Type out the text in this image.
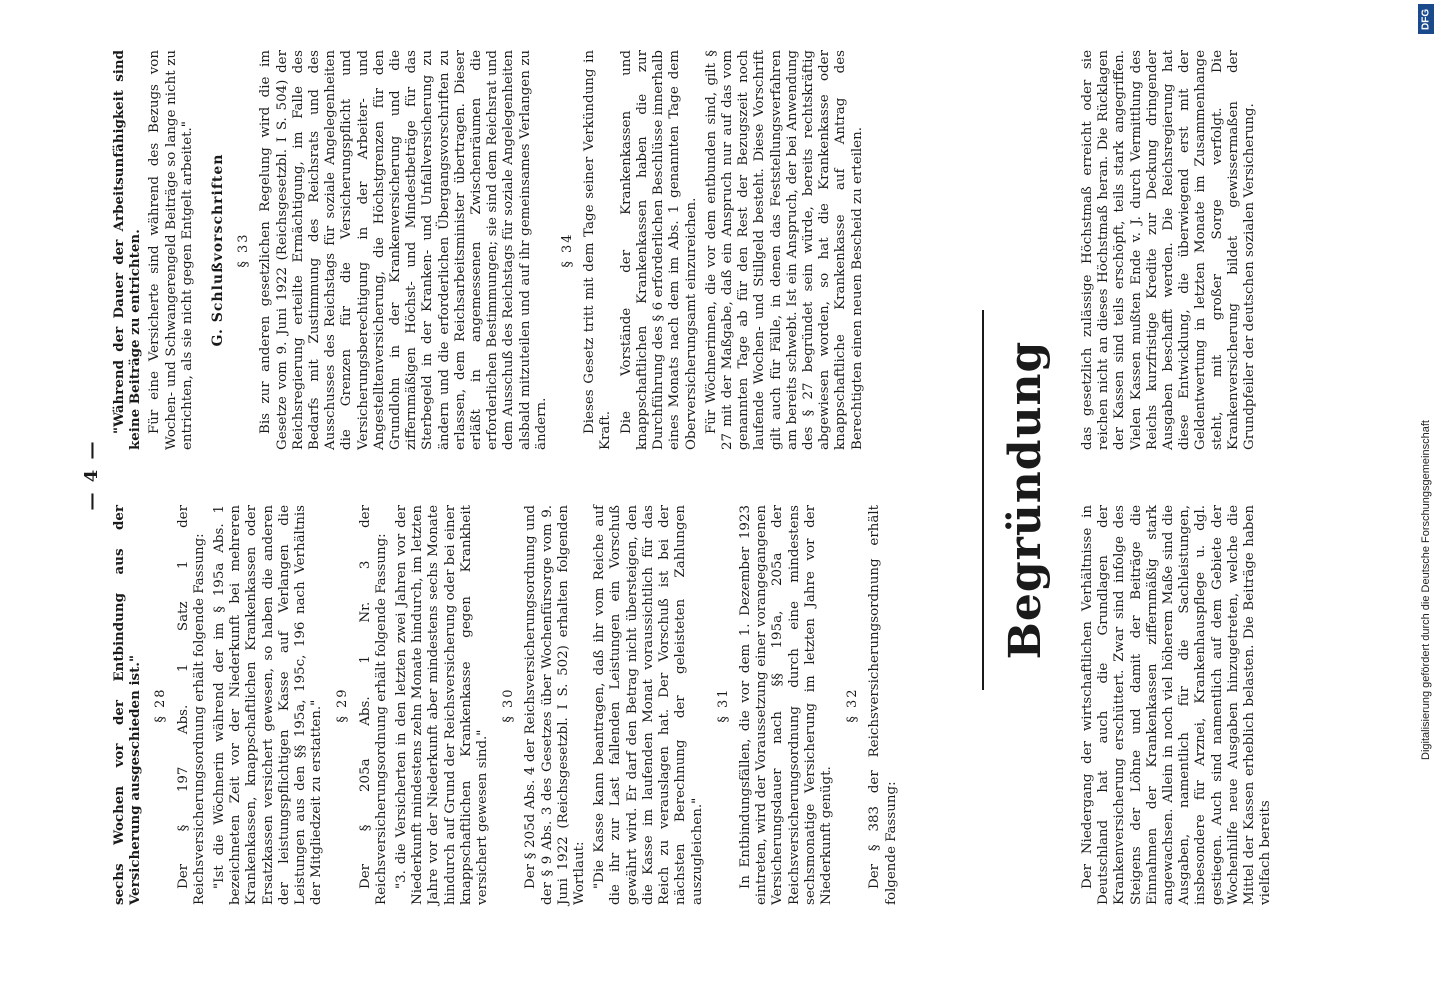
— 4 —

sechs Wochen vor der Entbindung aus der Versicherung ausgeschieden ist." § 28 Der § 197 Abs. 1 Satz 1 der Reichsversicherungsordnung erhält folgende Fassung: "Ist die Wöchnerin während der im § 195a Abs. 1 bezeichneten Zeit vor der Niederkunft bei mehreren Krankenkassen, knappschaftlichen Krankenkassen oder Ersatzkassen versichert gewesen, so haben die anderen der leistungspflichtigen Kasse auf Verlangen die Leistungen aus den §§ 195a, 195c, 196 nach Verhältnis der Mitgliedzeit zu erstatten." § 29 Der § 205a Abs. 1 Nr. 3 der Reichsversicherungsordnung erhält folgende Fassung: "3. die Versicherten in den letzten zwei Jahren vor der Niederkunft mindestens zehn Monate hindurch, im letzten Jahre vor der Niederkunft aber mindestens sechs Monate hindurch auf Grund der Reichsversicherung oder bei einer knappschaftlichen Krankenkasse gegen Krankheit versichert gewesen sind."

§ 30 Der § 205d Abs. 4 der Reichsversicherungsordnung und der § 9 Abs. 3 des Gesetzes über Wochenfürsorge vom 9. Juni 1922 (Reichsgesetzbl. I S. 502) erhalten folgenden Wortlaut: "Die Kasse kann beantragen, daß ihr vom Reiche auf die ihr zur Last fallenden Leistungen ein Vorschuß gewährt wird. Er darf den Betrag nicht übersteigen, den die Kasse im laufenden Monat voraussichtlich für das Reich zu verauslagen hat. Der Vorschuß ist bei der nächsten Berechnung der geleisteten Zahlungen auszugleichen."

§ 31 In Entbindungsfällen, die vor dem 1. Dezember 1923 eintreten, wird der Voraussetzung einer vorangegangenen Versicherungsdauer nach §§ 195a, 205a der Reichsversicherungsordnung durch eine mindestens sechsmonatige Versicherung im letzten Jahre vor der Niederkunft genügt.

§ 32 Der § 383 der Reichsversicherungsordnung erhält folgende Fassung:

"Während der Dauer der Arbeitsunfähigkeit sind keine Beiträge zu entrichten. Für eine Versicherte sind während des Bezugs von Wochen- und Schwangerengeld Beiträge so lange nicht zu entrichten, als sie nicht gegen Entgelt arbeitet." G. Schlußvorschriften § 33 Bis zur anderen gesetzlichen Regelung wird die im Gesetze vom 9. Juni 1922 (Reichsgesetzbl. I S. 504) der Reichsregierung erteilte Ermächtigung, im Falle des Bedarfs mit Zustimmung des Reichsrats und des Ausschusses des Reichstags für soziale Angelegenheiten die Grenzen für die Versicherungspflicht und Versicherungsberechtigung in der Arbeiter- und Angestelltenversicherung, die Höchstgrenzen für den Grundlohn in der Krankenversicherung und die ziffernmäßigen Höchst- und Mindestbeträge für das Sterbegeld in der Kranken- und Unfallversicherung zu ändern und die erforderlichen Übergangsvorschriften zu erlassen, dem Reichsarbeitsminister übertragen. Dieser erläßt in angemessenen Zwischenräumen die erforderlichen Bestimmungen; sie sind dem Reichsrat und dem Ausschuß des Reichstags für soziale Angelegenheiten alsbald mitzuteilen und auf ihr gemeinsames Verlangen zu ändern.

§ 34 Dieses Gesetz tritt mit dem Tage seiner Verkündung in Kraft. Die Vorstände der Krankenkassen und knappschaftlichen Krankenkassen haben die zur Durchführung des § 6 erforderlichen Beschlüsse innerhalb eines Monats nach dem im Abs. 1 genannten Tage dem Oberversicherungsamt einzureichen. Für Wöchnerinnen, die vor dem entbunden sind, gilt § 27 mit der Maßgabe, daß ein Anspruch nur auf das vom genannten Tage ab für den Rest der Bezugszeit noch laufende Wochen- und Stillgeld besteht. Diese Vorschrift gilt auch für Fälle, in denen das Feststellungsverfahren am bereits schwebt. Ist ein Anspruch, der bei Anwendung des § 27 begründet sein würde, bereits rechtskräftig abgewiesen worden, so hat die Krankenkasse oder knappschaftliche Krankenkasse auf Antrag des Berechtigten einen neuen Bescheid zu erteilen.

Begründung

Der Niedergang der wirtschaftlichen Verhältnisse in Deutschland hat auch die Grundlagen der Krankenversicherung erschüttert. Zwar sind infolge des Steigens der Löhne und damit der Beiträge die Einnahmen der Krankenkassen ziffernmäßig stark angewachsen. Allein in noch viel höherem Maße sind die Ausgaben, namentlich für die Sachleistungen, insbesondere für Arznei, Krankenhauspflege u. dgl. gestiegen. Auch sind namentlich auf dem Gebiete der Wochenhilfe neue Ausgaben hinzugetreten, welche die Mittel der Kassen erheblich belasten. Die Beiträge haben vielfach bereits

das gesetzlich zulässige Höchstmaß erreicht oder sie reichen nicht an dieses Höchstmaß heran. Die Rücklagen der Kassen sind teils erschöpft, teils stark angegriffen. Vielen Kassen mußten Ende v. J. durch Vermittlung des Reichs kurzfristige Kredite zur Deckung dringender Ausgaben beschafft werden. Die Reichsregierung hat diese Entwicklung, die überwiegend erst mit der Geldentwertung in letzten Monate im Zusammenhange steht, mit großer Sorge verfolgt. Die Krankenversicherung bildet gewissermaßen der Grundpfeiler der deutschen sozialen Versicherung.

DFG
Digitalisierung gefördert durch die Deutsche Forschungsgemeinschaft
